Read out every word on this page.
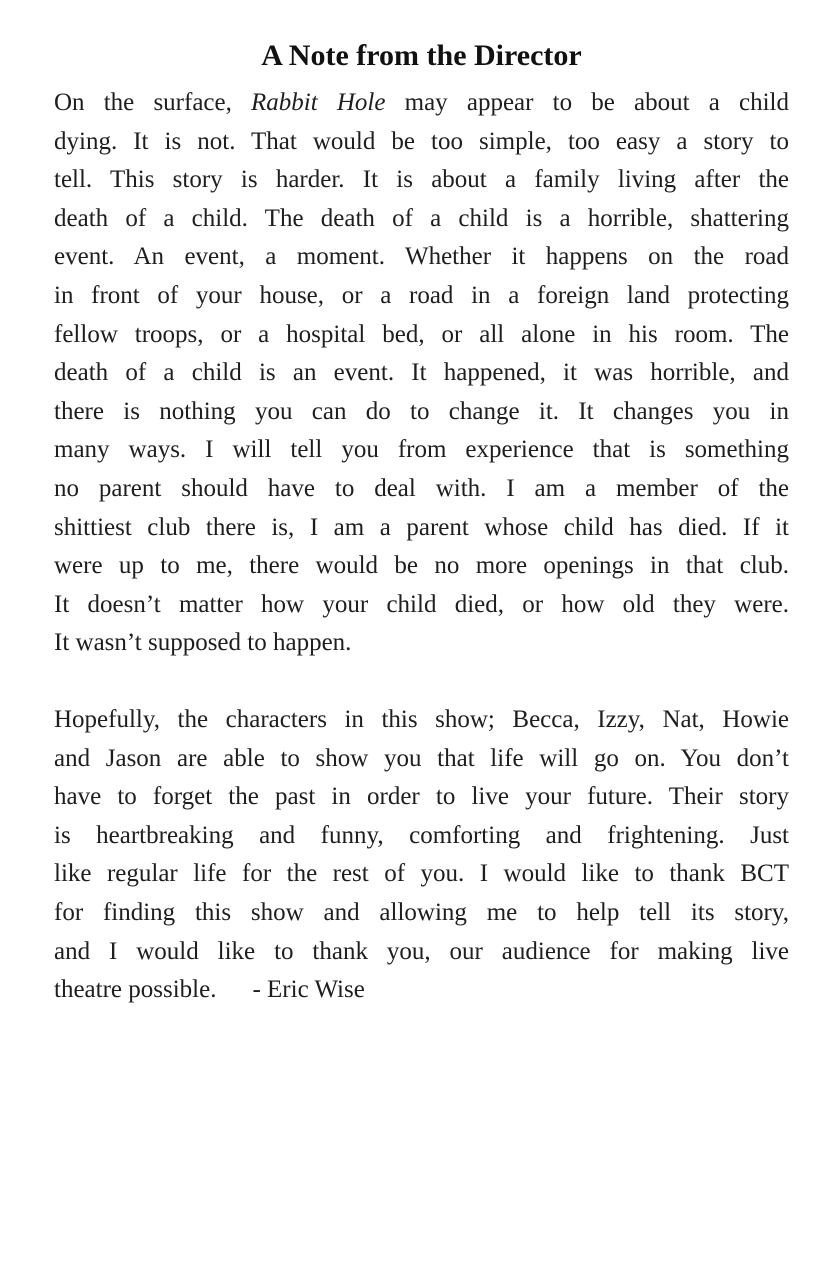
A Note from the Director
On the surface, Rabbit Hole may appear to be about a child
dying. It is not. That would be too simple, too easy a story to
tell. This story is harder. It is about a family living after the
death of a child. The death of a child is a horrible, shattering
event. An event, a moment. Whether it happens on the road
in front of your house, or a road in a foreign land protecting
fellow troops, or a hospital bed, or all alone in his room. The
death of a child is an event. It happened, it was horrible, and
there is nothing you can do to change it. It changes you in
many ways. I will tell you from experience that is something
no parent should have to deal with. I am a member of the
shittiest club there is, I am a parent whose child has died. If it
were up to me, there would be no more openings in that club.
It doesn’t matter how your child died, or how old they were.
It wasn’t supposed to happen.
Hopefully, the characters in this show; Becca, Izzy, Nat, Howie
and Jason are able to show you that life will go on. You don’t
have to forget the past in order to live your future. Their story
is heartbreaking and funny, comforting and frightening. Just
like regular life for the rest of you. I would like to thank BCT
for finding this show and allowing me to help tell its story,
and I would like to thank you, our audience for making live
theatre possible. - Eric Wise
